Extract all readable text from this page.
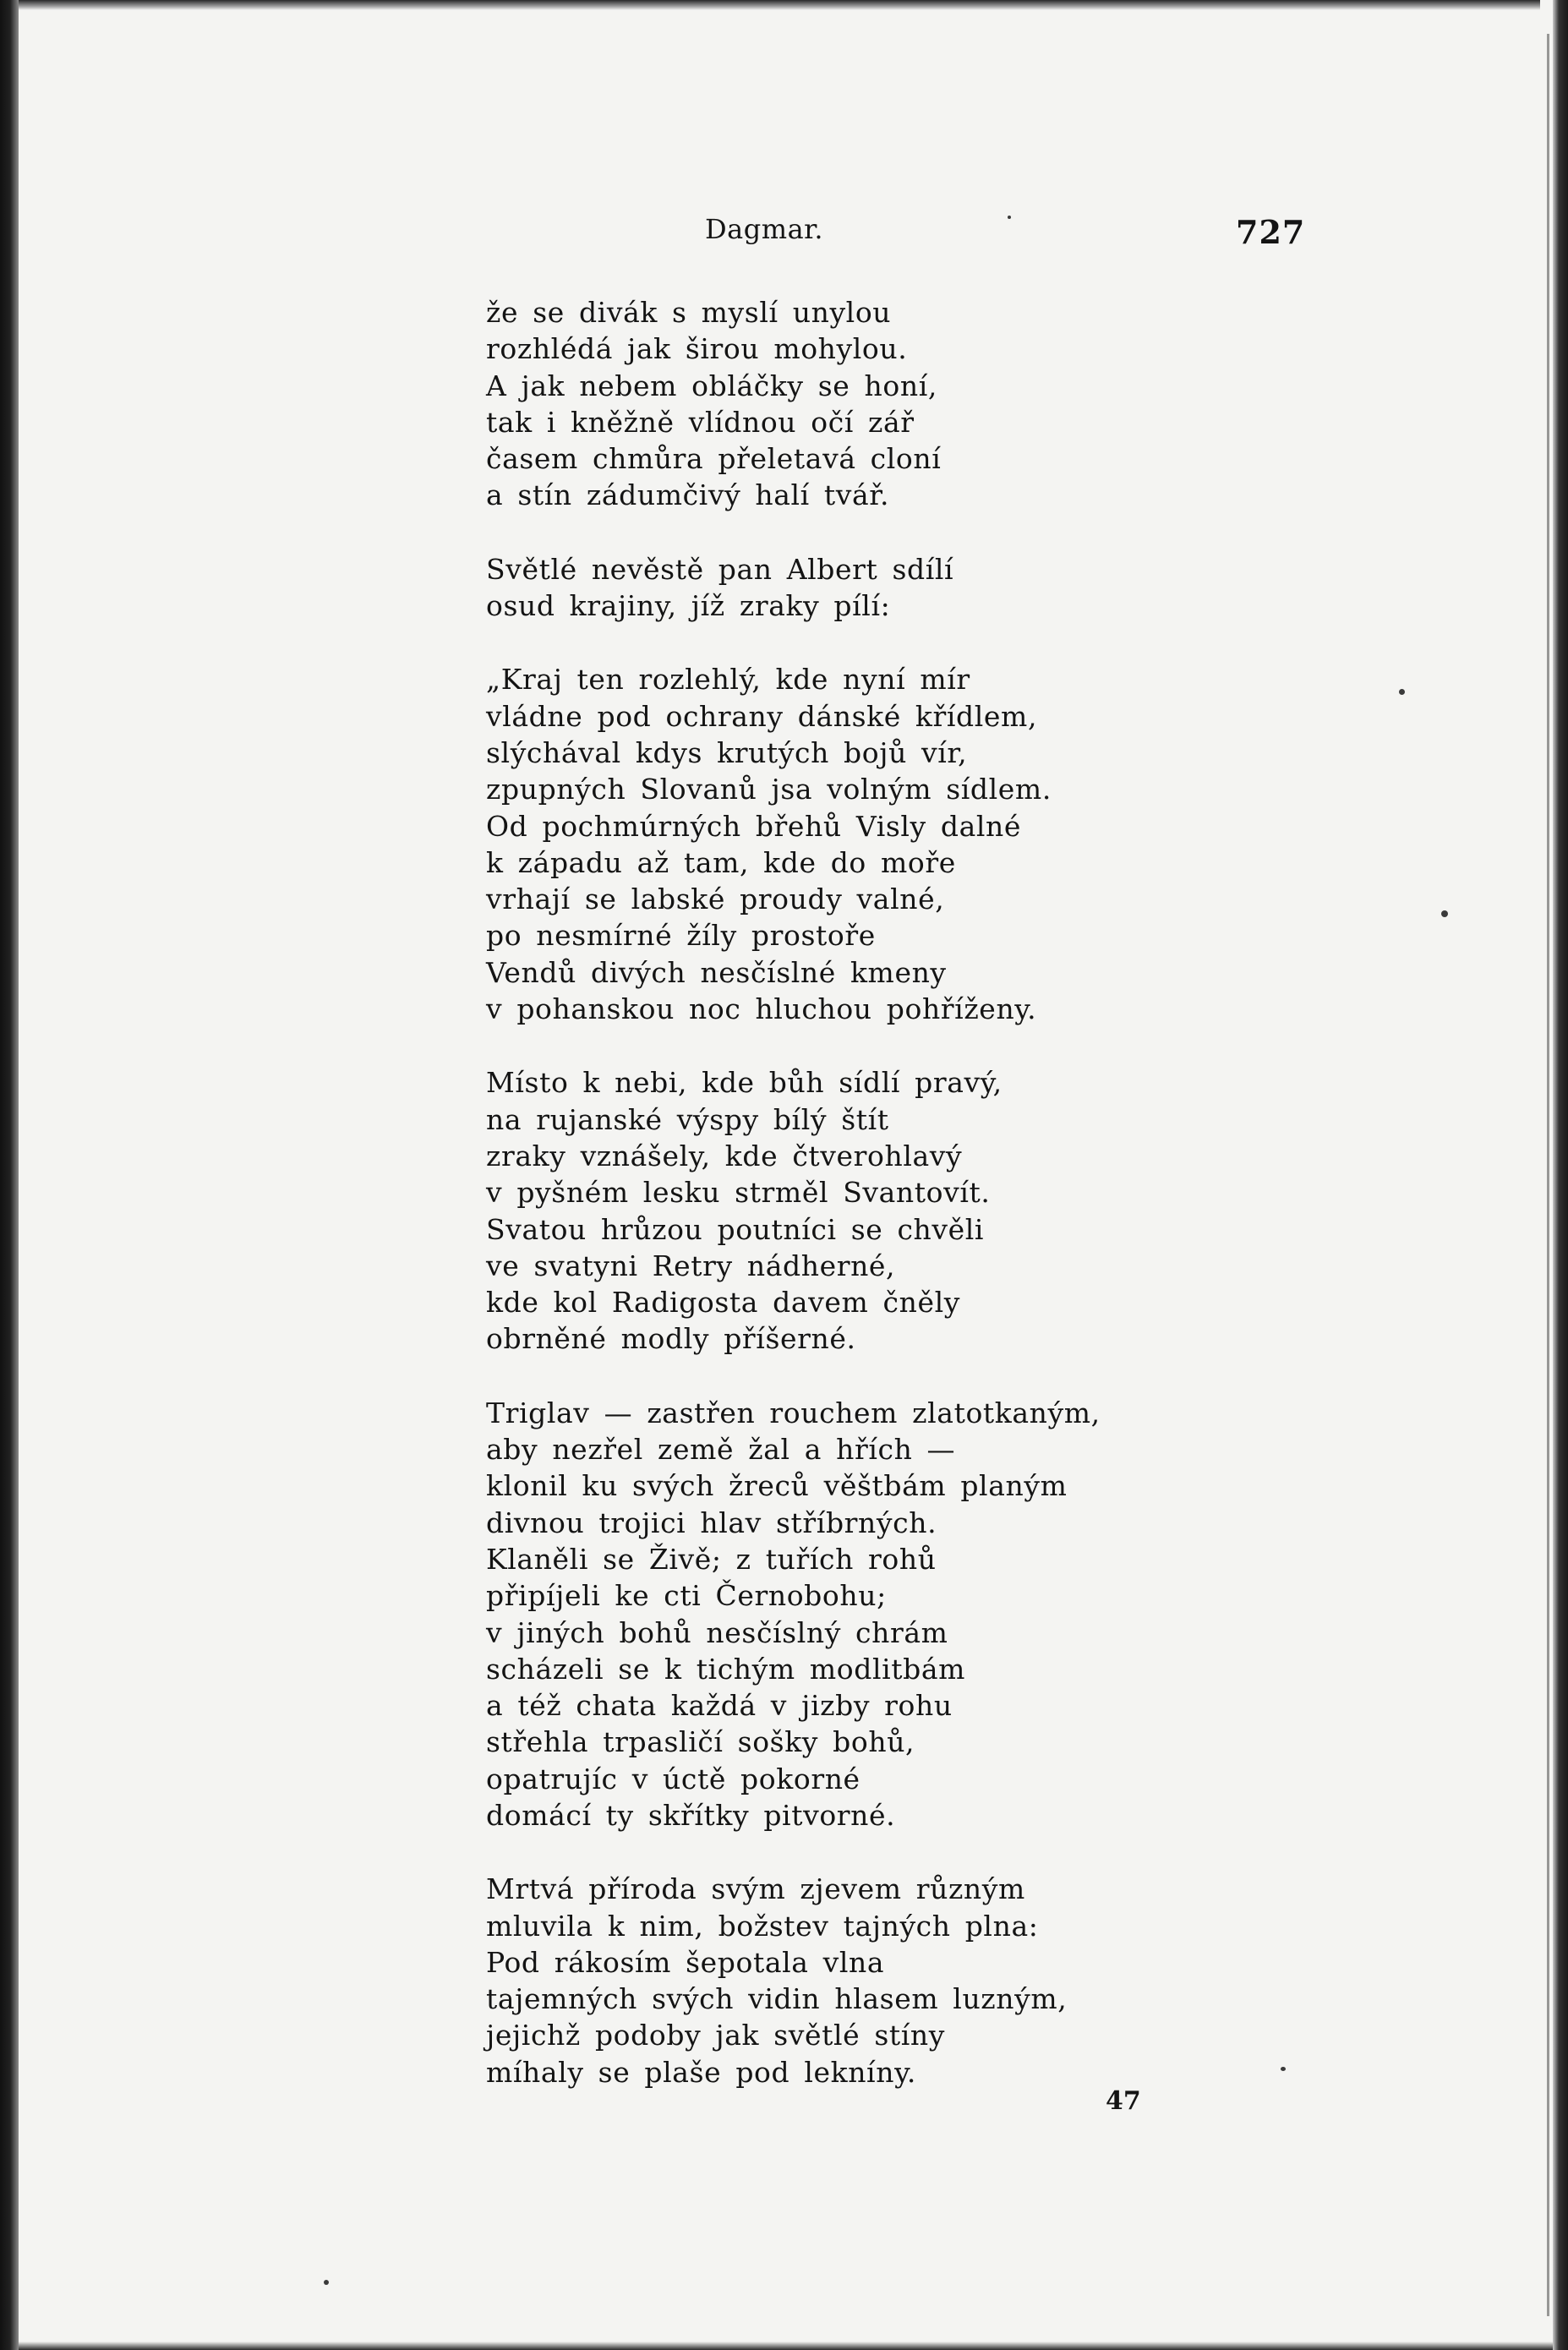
Dagmar.	727
že se divák s myslí unylou
rozhlédá jak širou mohylou.
A jak nebem obláčky se honí,
tak i kněžně vlídnou očí zář
časem chmůra přeletavá cloní
a stín zádumčivý halí tvář.
Světlé nevěstě pan Albert sdílí
osud krajiny, jíž zraky pílí:
„Kraj ten rozlehlý, kde nyní mír
vládne pod ochrany dánské křídlem,
slýchával kdys krutých bojů vír,
zpupných Slovanů jsa volným sídlem.
Od pochmúrných břehů Visly dalné
k západu až tam, kde do moře
vrhají se labské proudy valné,
po nesmírné žíly prostoře
Vendů divých nesčíslné kmeny
v pohanskou noc hluchou pohříženy.
Místo k nebi, kde bůh sídlí pravý,
na rujanské výspy bílý štít
zraky vznášely, kde čtverohlavý
v pyšném lesku strměl Svantovít.
Svatou hrůzou poutníci se chvěli
ve svatyni Retry nádherné,
kde kol Radigosta davem čněly
obrněné modly příšerné.
Triglav — zastřen rouchem zlatotkaným,
aby nezřel země žal a hřích —
klonil ku svých žreců věštbám planým
divnou trojici hlav stříbrných.
Klaněli se Živě; z tuřích rohů
připíjeli ke cti Černobohu;
v jiných bohů nesčíslný chrám
scházeli se k tichým modlitbám
a též chata každá v jizby rohu
střehla trpasličí sošky bohů,
opatrujíc v úctě pokorné
domácí ty skřítky pitvorné.
Mrtvá příroda svým zjevem různým
mluvila k nim, božstev tajných plna:
Pod rákosím šepotala vlna
tajemných svých vidin hlasem luzným,
jejichž podoby jak světlé stíny
míhaly se plaše pod lekníny.
47
